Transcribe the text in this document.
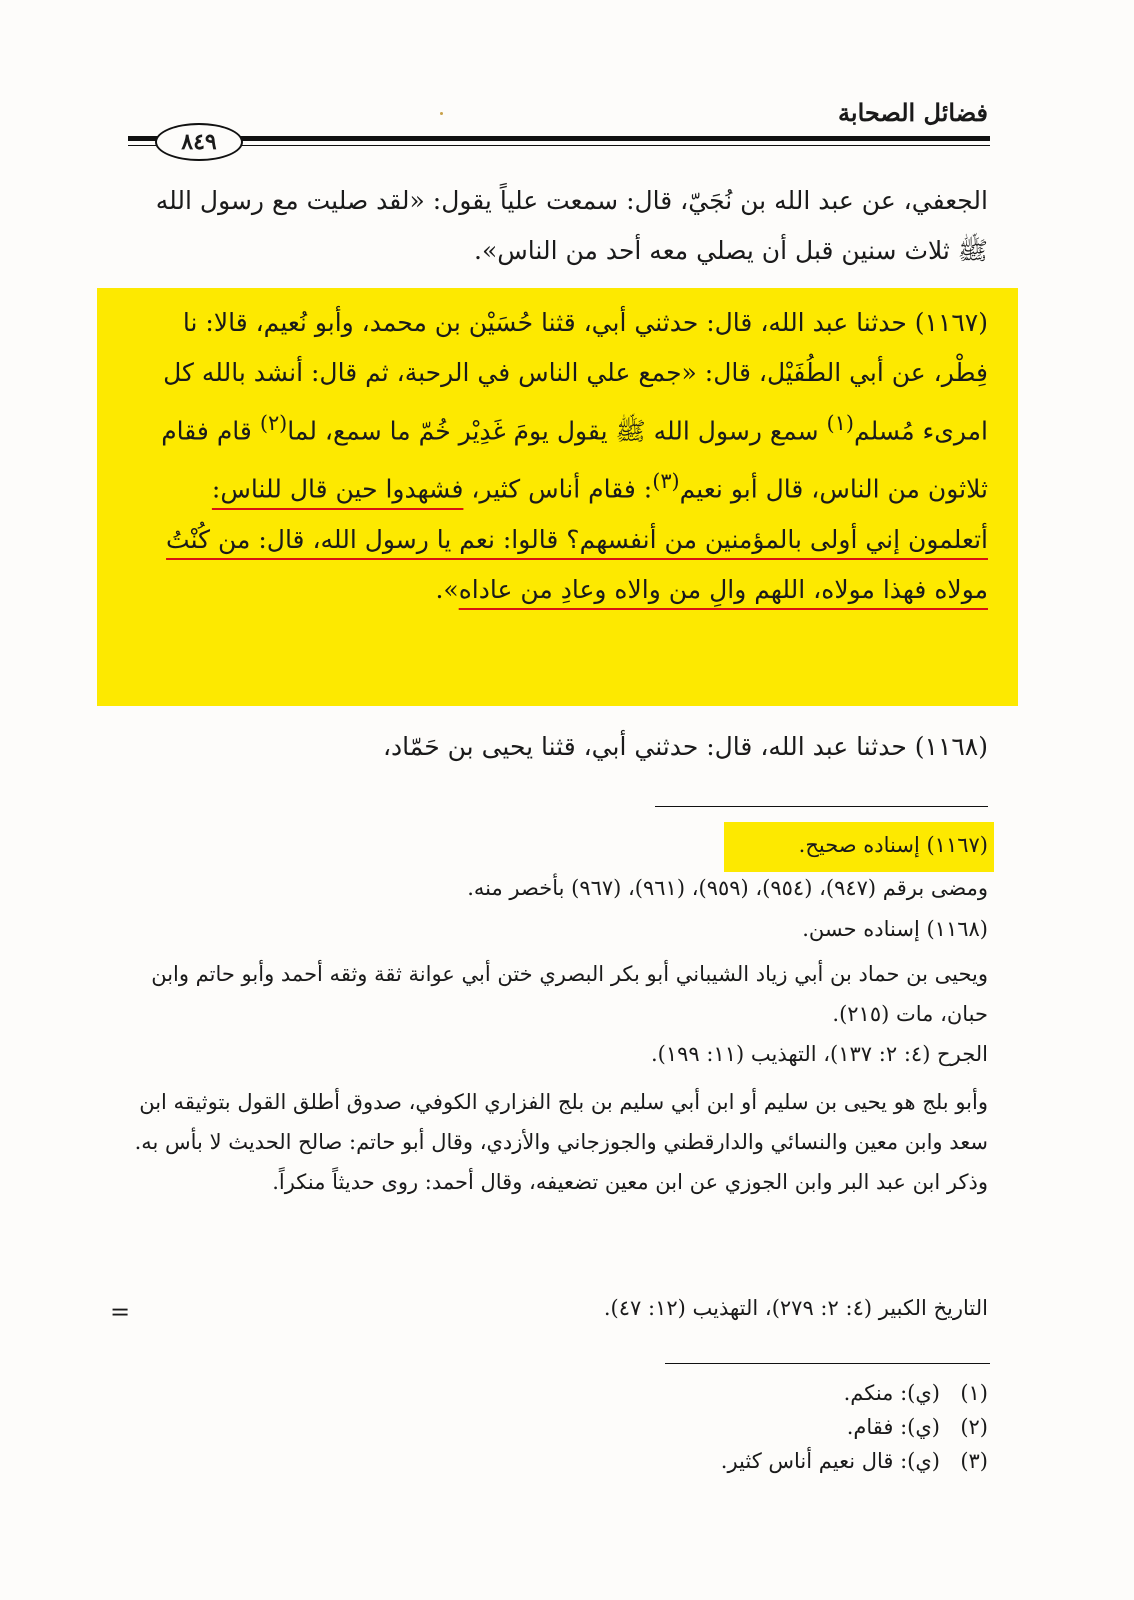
فضائل الصحابة
٨٤٩
الجعفي، عن عبد الله بن نُجَيّ، قال: سمعت علياً يقول: «لقد صليت مع رسول الله ﷺ ثلاث سنين قبل أن يصلي معه أحد من الناس».
(١١٦٧) حدثنا عبد الله، قال: حدثني أبي، قثنا حُسَيْن بن محمد، وأبو نُعيم، قالا: نا فِطْر، عن أبي الطُفَيْل، قال: «جمع علي الناس في الرحبة، ثم قال: أنشد بالله كل امرىء مُسلم$^{(١)}$ سمع رسول الله ﷺ يقول يومَ غَدِيْر خُمّ ما سمع، لما$^{(٢)}$ قام فقام ثلاثون من الناس، قال أبو نعيم$^{(٣)}$: فقام أناس كثير، فشهدوا حين قال للناس: أتعلمون إني أولى بالمؤمنين من أنفسهم؟ قالوا: نعم يا رسول الله، قال: من كُنْتُ مولاه فهذا مولاه، اللهم والِ من والاه وعادِ من عاداه».
(١١٦٨) حدثنا عبد الله، قال: حدثني أبي، قثنا يحيى بن حَمّاد،
(١١٦٧) إسناده صحيح.
ومضى برقم (٩٤٧)، (٩٥٤)، (٩٥٩)، (٩٦١)، (٩٦٧) بأخصر منه.
(١١٦٨) إسناده حسن.
ويحيى بن حماد بن أبي زياد الشيباني أبو بكر البصري ختن أبي عوانة ثقة وثقه أحمد وأبو حاتم وابن حبان، مات (٢١٥).
الجرح (٤: ٢: ١٣٧)، التهذيب (١١: ١٩٩).
وأبو بلج هو يحيى بن سليم أو ابن أبي سليم بن بلج الفزاري الكوفي، صدوق أطلق القول بتوثيقه ابن سعد وابن معين والنسائي والدارقطني والجوزجاني والأزدي، وقال أبو حاتم: صالح الحديث لا بأس به. وذكر ابن عبد البر وابن الجوزي عن ابن معين تضعيفه، وقال أحمد: روى حديثاً منكراً.
التاريخ الكبير (٤: ٢: ٢٧٩)، التهذيب (١٢: ٤٧).
=
(١)
(ي): منكم.
(٢)
(ي): فقام.
(٣)
(ي): قال نعيم أناس كثير.
